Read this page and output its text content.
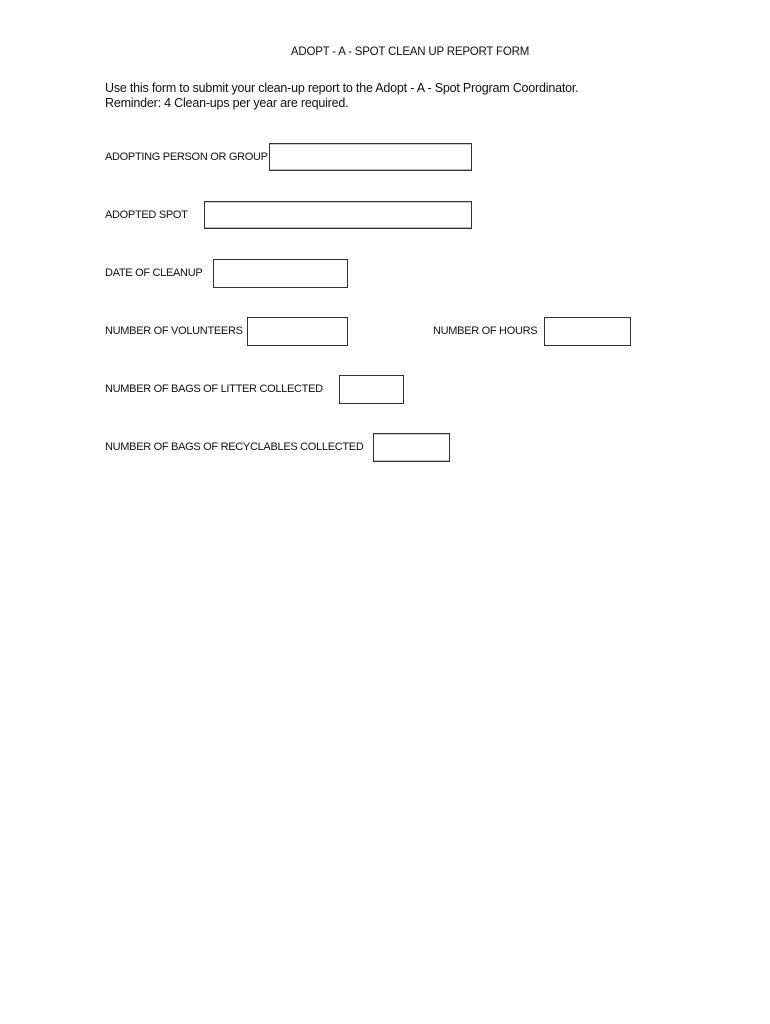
ADOPT - A - SPOT CLEAN UP REPORT FORM
Use this form to submit your clean-up report to the Adopt - A - Spot Program Coordinator.
Reminder: 4 Clean-ups per year are required.
ADOPTING PERSON OR GROUP
ADOPTED SPOT
DATE OF CLEANUP
NUMBER OF VOLUNTEERS	NUMBER OF HOURS
NUMBER OF BAGS OF LITTER COLLECTED
NUMBER OF BAGS OF RECYCLABLES COLLECTED
